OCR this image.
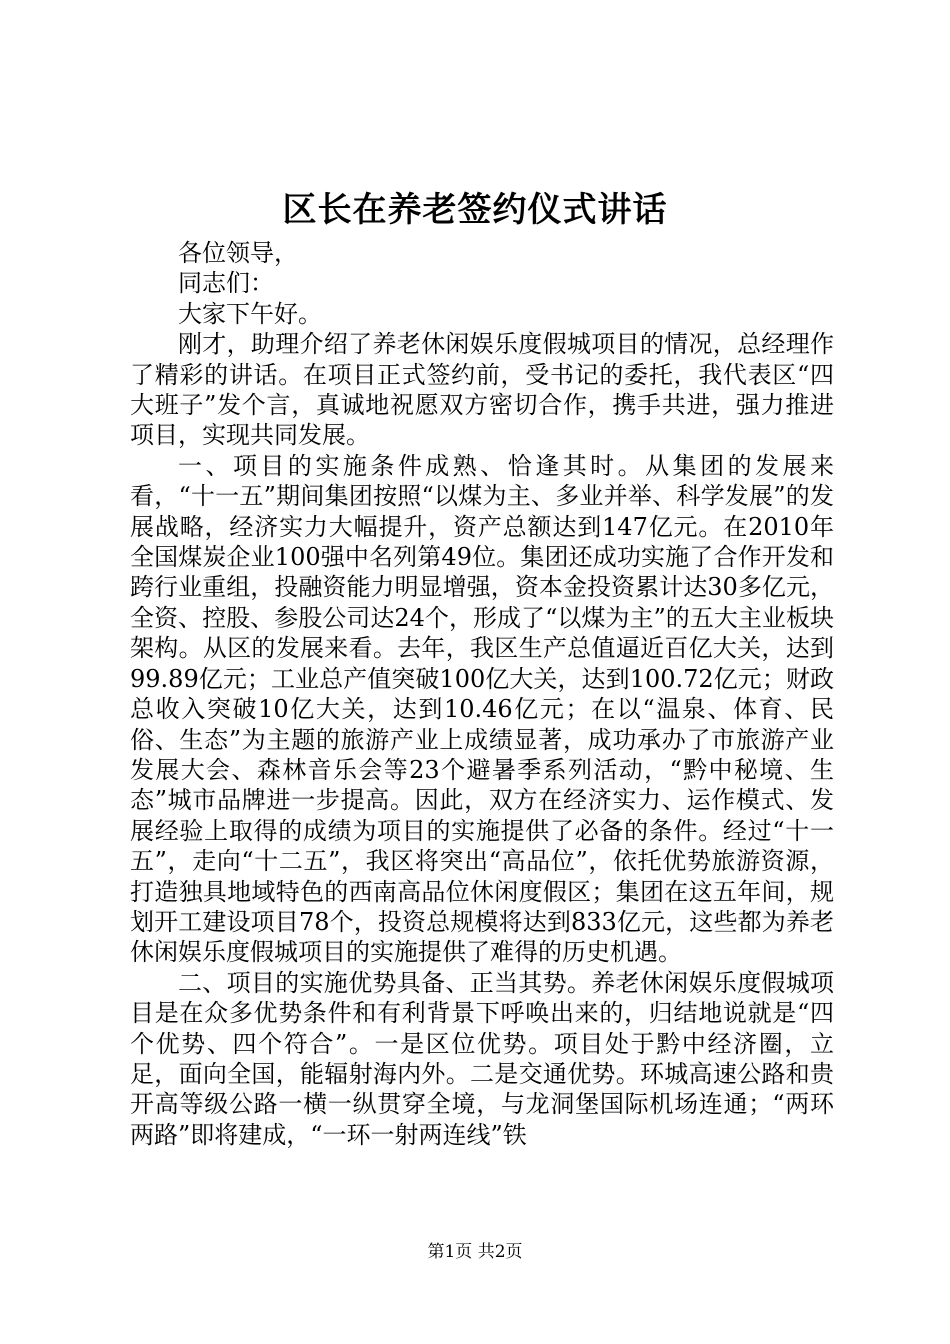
区长在养老签约仪式讲话

各位领导，

同志们：

大家下午好。

刚才，助理介绍了养老休闲娱乐度假城项目的情况，总经理作了精彩的讲话。在项目正式签约前，受书记的委托，我代表区“四大班子”发个言，真诚地祝愿双方密切合作，携手共进，强力推进项目，实现共同发展。

一、项目的实施条件成熟、恰逢其时。从集团的发展来看，“十一五”期间集团按照“以煤为主、多业并举、科学发展”的发展战略，经济实力大幅提升，资产总额达到147亿元。在2010年全国煤炭企业100强中名列第49位。集团还成功实施了合作开发和跨行业重组，投融资能力明显增强，资本金投资累计达30多亿元，全资、控股、参股公司达24个，形成了“以煤为主”的五大主业板块架构。从区的发展来看。去年，我区生产总值逼近百亿大关，达到99.89亿元；工业总产值突破100亿大关，达到100.72亿元；财政总收入突破10亿大关，达到10.46亿元；在以“温泉、体育、民俗、生态”为主题的旅游产业上成绩显著，成功承办了市旅游产业发展大会、森林音乐会等23个避暑季系列活动，“黔中秘境、生态”城市品牌进一步提高。因此，双方在经济实力、运作模式、发展经验上取得的成绩为项目的实施提供了必备的条件。经过“十一五”，走向“十二五”，我区将突出“高品位”，依托优势旅游资源，打造独具地域特色的西南高品位休闲度假区；集团在这五年间，规划开工建设项目78个，投资总规模将达到833亿元，这些都为养老休闲娱乐度假城项目的实施提供了难得的历史机遇。

二、项目的实施优势具备、正当其势。养老休闲娱乐度假城项目是在众多优势条件和有利背景下呼唤出来的，归结地说就是“四个优势、四个符合”。一是区位优势。项目处于黔中经济圈，立足，面向全国，能辐射海内外。二是交通优势。环城高速公路和贵开高等级公路一横一纵贯穿全境，与龙洞堡国际机场连通；“两环两路”即将建成，“一环一射两连线”铁

第1页 共2页
